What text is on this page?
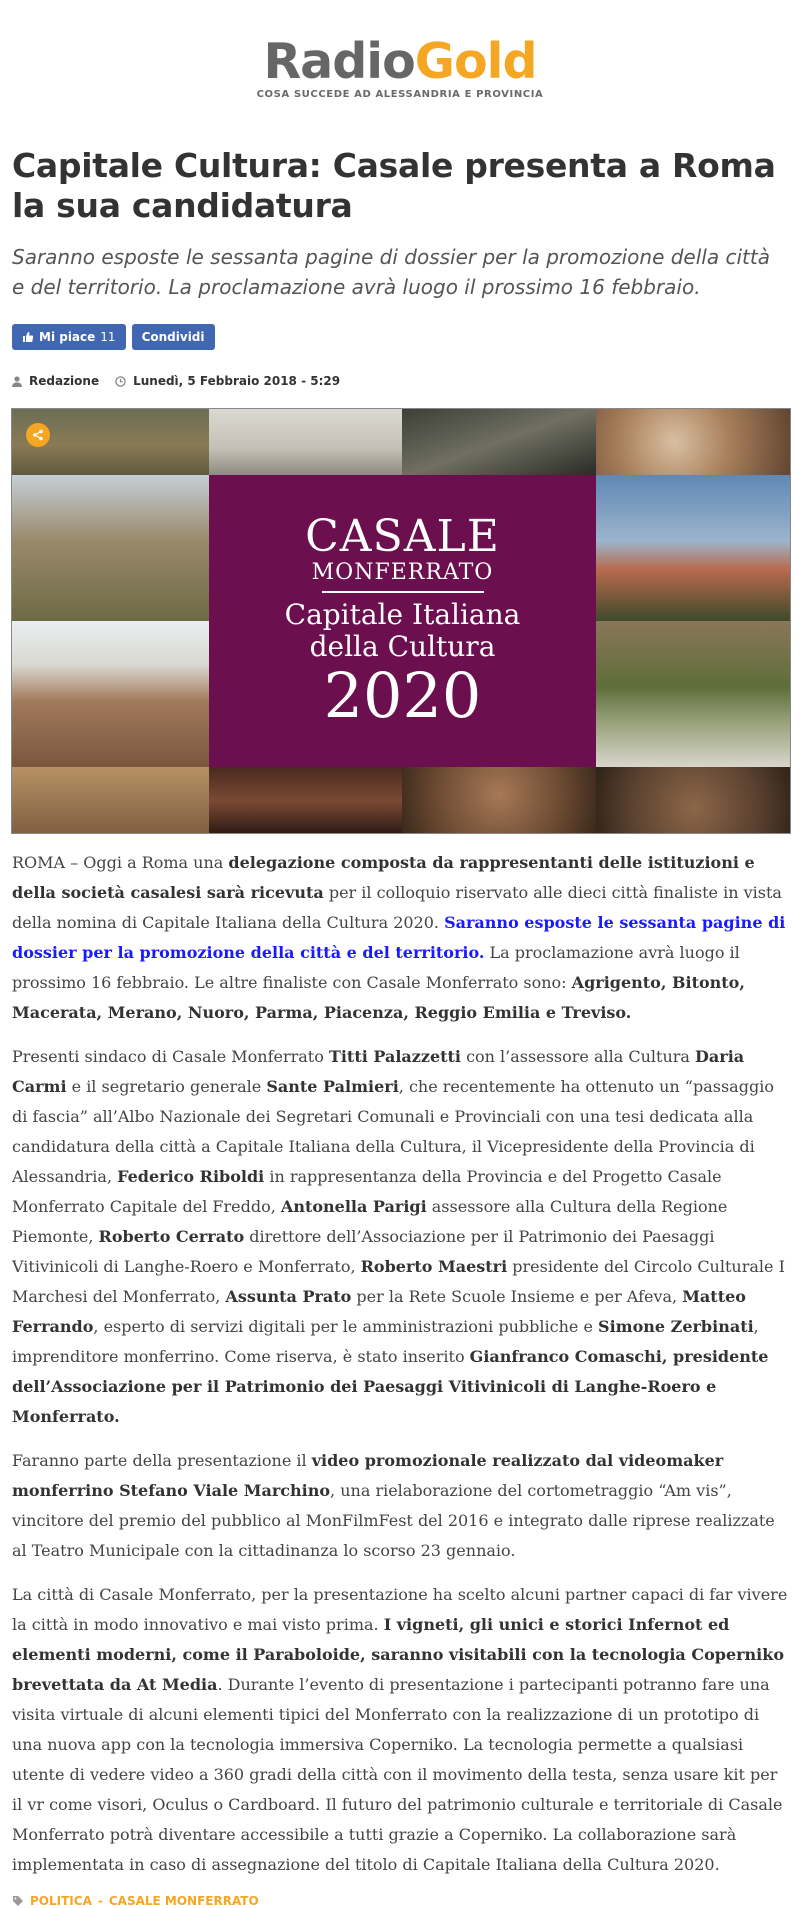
RadioGold
COSA SUCCEDE AD ALESSANDRIA E PROVINCIA
Capitale Cultura: Casale presenta a Roma la sua candidatura
Saranno esposte le sessanta pagine di dossier per la promozione della città e del territorio. La proclamazione avrà luogo il prossimo 16 febbraio.
Mi piace 11	Condividi
Redazione	Lunedì, 5 Febbraio 2018 - 5:29
CASALE
MONFERRATO
Capitale Italiana
della Cultura
2020

ROMA – Oggi a Roma una delegazione composta da rappresentanti delle istituzioni e della società casalesi sarà ricevuta per il colloquio riservato alle dieci città finaliste in vista della nomina di Capitale Italiana della Cultura 2020. Saranno esposte le sessanta pagine di dossier per la promozione della città e del territorio. La proclamazione avrà luogo il prossimo 16 febbraio. Le altre finaliste con Casale Monferrato sono: Agrigento, Bitonto, Macerata, Merano, Nuoro, Parma, Piacenza, Reggio Emilia e Treviso.

Presenti sindaco di Casale Monferrato Titti Palazzetti con l’assessore alla Cultura Daria Carmi e il segretario generale Sante Palmieri, che recentemente ha ottenuto un “passaggio di fascia” all’Albo Nazionale dei Segretari Comunali e Provinciali con una tesi dedicata alla candidatura della città a Capitale Italiana della Cultura, il Vicepresidente della Provincia di Alessandria, Federico Riboldi in rappresentanza della Provincia e del Progetto Casale Monferrato Capitale del Freddo, Antonella Parigi assessore alla Cultura della Regione Piemonte, Roberto Cerrato direttore dell’Associazione per il Patrimonio dei Paesaggi Vitivinicoli di Langhe-Roero e Monferrato, Roberto Maestri presidente del Circolo Culturale I Marchesi del Monferrato, Assunta Prato per la Rete Scuole Insieme e per Afeva, Matteo Ferrando, esperto di servizi digitali per le amministrazioni pubbliche e Simone Zerbinati, imprenditore monferrino. Come riserva, è stato inserito Gianfranco Comaschi, presidente dell’Associazione per il Patrimonio dei Paesaggi Vitivinicoli di Langhe-Roero e Monferrato.

Faranno parte della presentazione il video promozionale realizzato dal videomaker monferrino Stefano Viale Marchino, una rielaborazione del cortometraggio “Am vis”, vincitore del premio del pubblico al MonFilmFest del 2016 e integrato dalle riprese realizzate al Teatro Municipale con la cittadinanza lo scorso 23 gennaio.

La città di Casale Monferrato, per la presentazione ha scelto alcuni partner capaci di far vivere la città in modo innovativo e mai visto prima. I vigneti, gli unici e storici Infernot ed elementi moderni, come il Paraboloide, saranno visitabili con la tecnologia Coperniko brevettata da At Media. Durante l’evento di presentazione i partecipanti potranno fare una visita virtuale di alcuni elementi tipici del Monferrato con la realizzazione di un prototipo di una nuova app con la tecnologia immersiva Coperniko. La tecnologia permette a qualsiasi utente di vedere video a 360 gradi della città con il movimento della testa, senza usare kit per il vr come visori, Oculus o Cardboard. Il futuro del patrimonio culturale e territoriale di Casale Monferrato potrà diventare accessibile a tutti grazie a Coperniko. La collaborazione sarà implementata in caso di assegnazione del titolo di Capitale Italiana della Cultura 2020.

POLITICA - CASALE MONFERRATO
